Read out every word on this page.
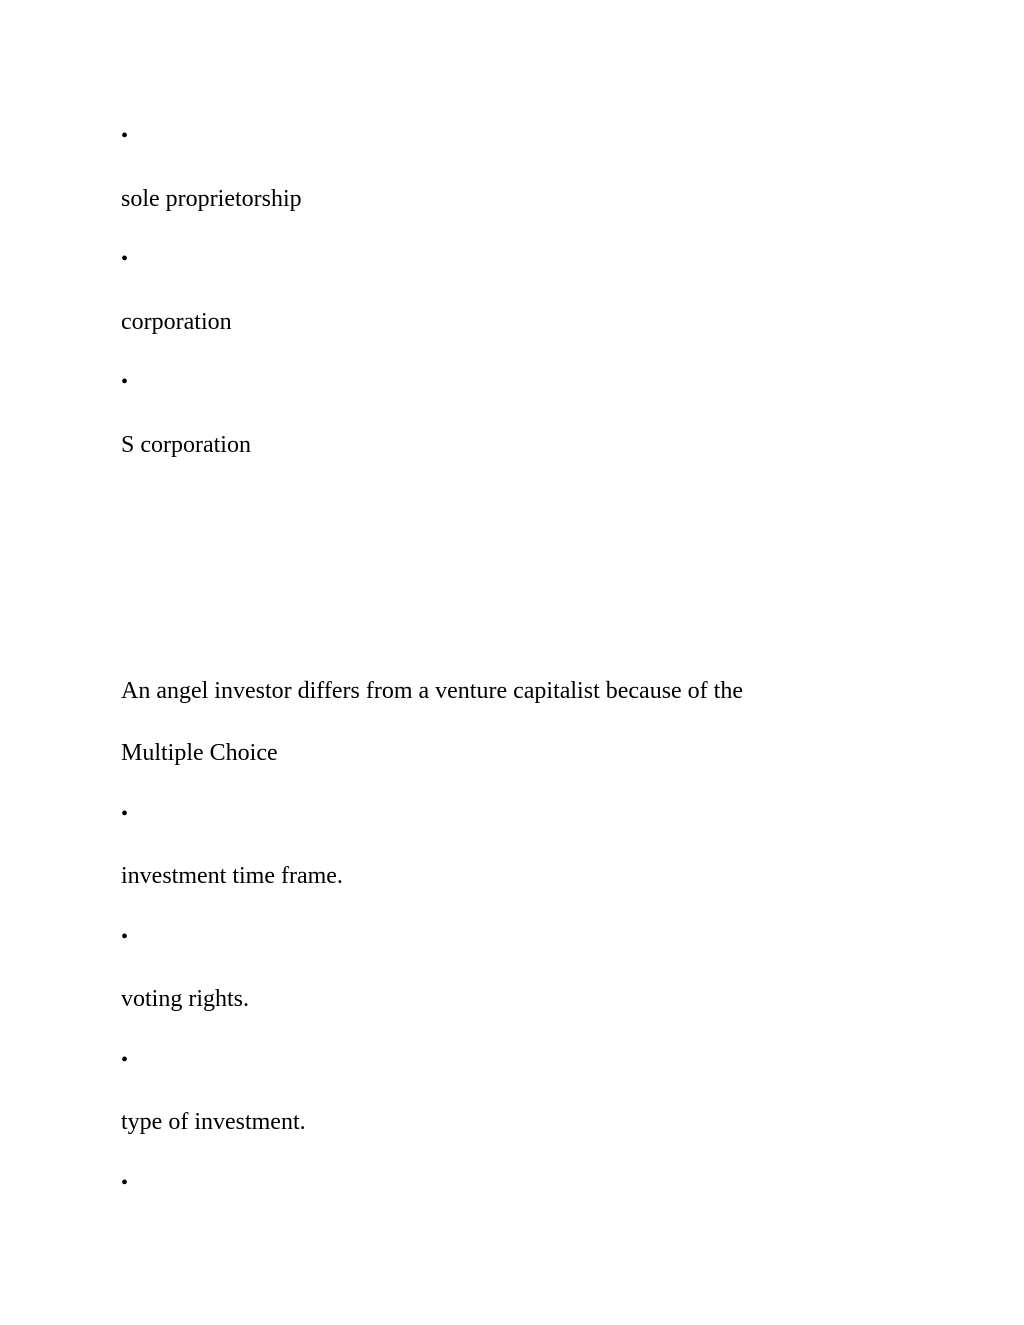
•
sole proprietorship
•
corporation
•
S corporation
An angel investor differs from a venture capitalist because of the
Multiple Choice
•
investment time frame.
•
voting rights.
•
type of investment.
•
